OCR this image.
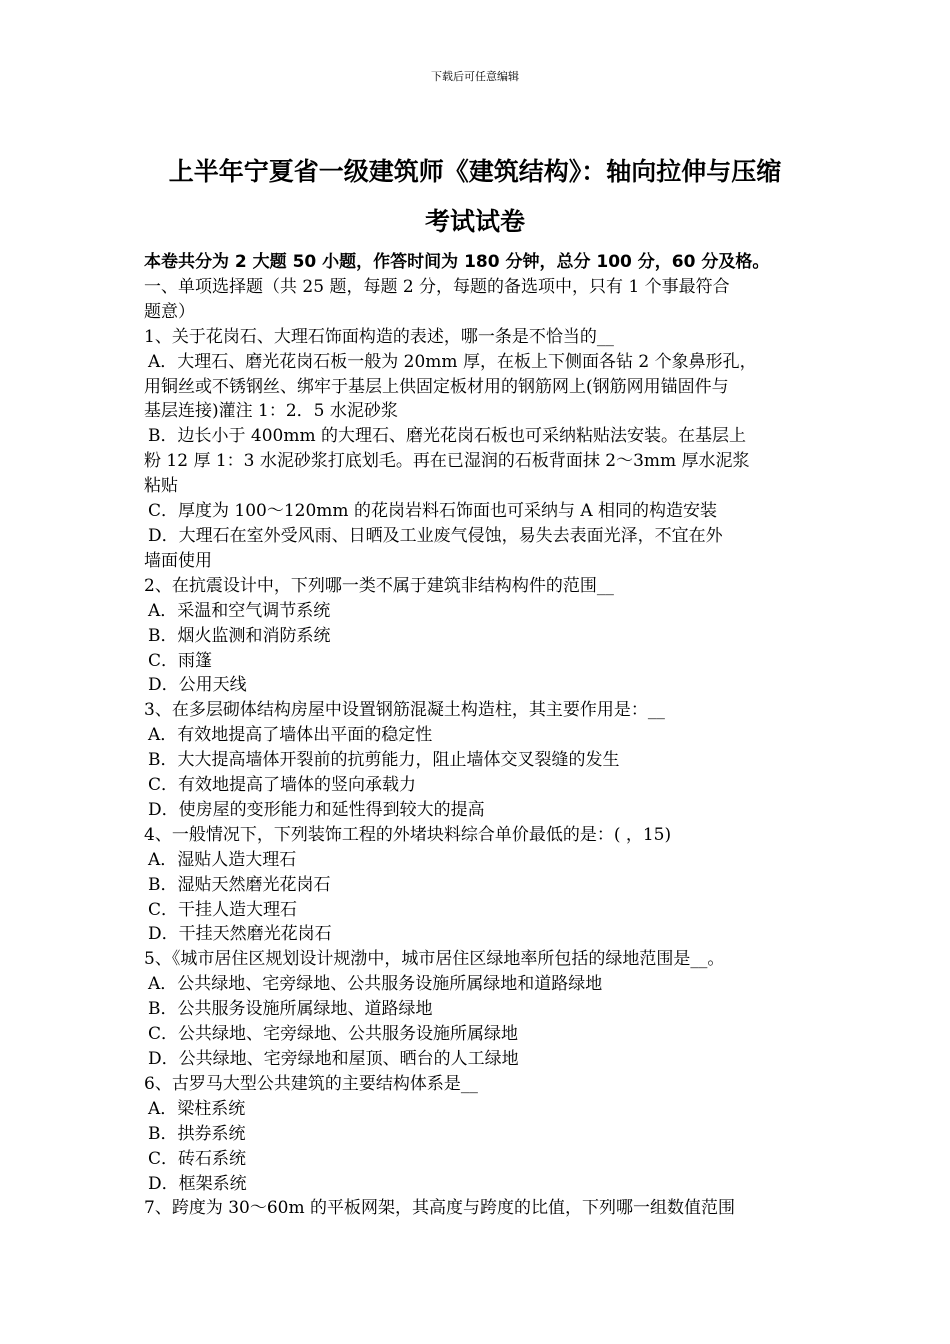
下载后可任意编辑
上半年宁夏省一级建筑师《建筑结构》：轴向拉伸与压缩
考试试卷
本卷共分为 2 大题 50 小题，作答时间为 180 分钟，总分 100 分，60 分及格。
一、单项选择题（共 25 题，每题 2 分，每题的备选项中，只有 1 个事最符合
题意）
1、关于花岗石、大理石饰面构造的表述，哪一条是不恰当的__
A．大理石、磨光花岗石板一般为 20mm 厚，在板上下侧面各钻 2 个象鼻形孔，
用铜丝或不锈钢丝、绑牢于基层上供固定板材用的钢筋网上(钢筋网用锚固件与
基层连接)灌注 1：2．5 水泥砂浆
B．边长小于 400mm 的大理石、磨光花岗石板也可采纳粘贴法安装。在基层上
粉 12 厚 1：3 水泥砂浆打底划毛。再在已湿润的石板背面抹 2～3mm 厚水泥浆
粘贴
C．厚度为 100～120mm 的花岗岩料石饰面也可采纳与 A 相同的构造安装
D．大理石在室外受风雨、日晒及工业废气侵蚀，易失去表面光泽，不宜在外
墙面使用
2、在抗震设计中，下列哪一类不属于建筑非结构构件的范围__
A．采温和空气调节系统
B．烟火监测和消防系统
C．雨篷
D．公用天线
3、在多层砌体结构房屋中设置钢筋混凝土构造柱，其主要作用是：__
A．有效地提高了墙体出平面的稳定性
B．大大提高墙体开裂前的抗剪能力，阻止墙体交叉裂缝的发生
C．有效地提高了墙体的竖向承载力
D．使房屋的变形能力和延性得到较大的提高
4、一般情况下，下列装饰工程的外堵块料综合单价最低的是：( ，15)
A．湿贴人造大理石
B．湿贴天然磨光花岗石
C．干挂人造大理石
D．干挂天然磨光花岗石
5、《城市居住区规划设计规渤中，城市居住区绿地率所包括的绿地范围是__。
A．公共绿地、宅旁绿地、公共服务设施所属绿地和道路绿地
B．公共服务设施所属绿地、道路绿地
C．公共绿地、宅旁绿地、公共服务设施所属绿地
D．公共绿地、宅旁绿地和屋顶、晒台的人工绿地
6、古罗马大型公共建筑的主要结构体系是__
A．梁柱系统
B．拱券系统
C．砖石系统
D．框架系统
7、跨度为 30～60m 的平板网架，其高度与跨度的比值，下列哪一组数值范围
